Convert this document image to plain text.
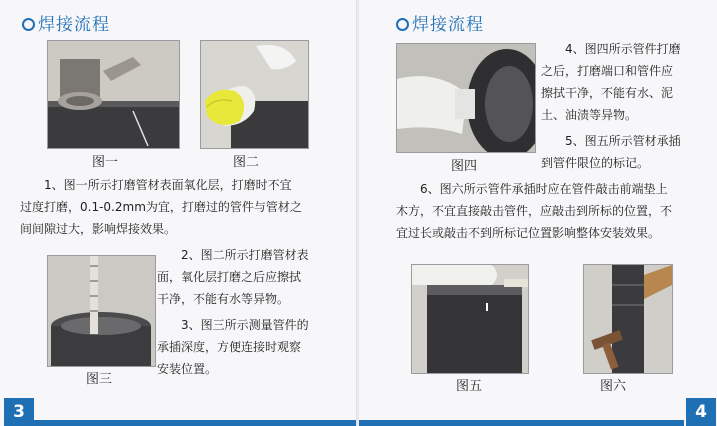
焊接流程
图一	图二
1、图一所示打磨管材表面氧化层，打磨时不宜
过度打磨，0.1-0.2mm为宜，打磨过的管件与管材之
间间隙过大，影响焊接效果。
图三
2、图二所示打磨管材表
面，氧化层打磨之后应擦拭
干净，不能有水等异物。
3、图三所示测量管件的
承插深度，方便连接时观察
安装位置。
3
焊接流程
图四
4、图四所示管件打磨
之后，打磨端口和管件应
擦拭干净，不能有水、泥
土、油渍等异物。
5、图五所示管材承插
到管件限位的标记。
6、图六所示管件承插时应在管件敲击前端垫上
木方，不宜直接敲击管件，应敲击到所标的位置，不
宜过长或敲击不到所标记位置影响整体安装效果。
图五	图六
4
